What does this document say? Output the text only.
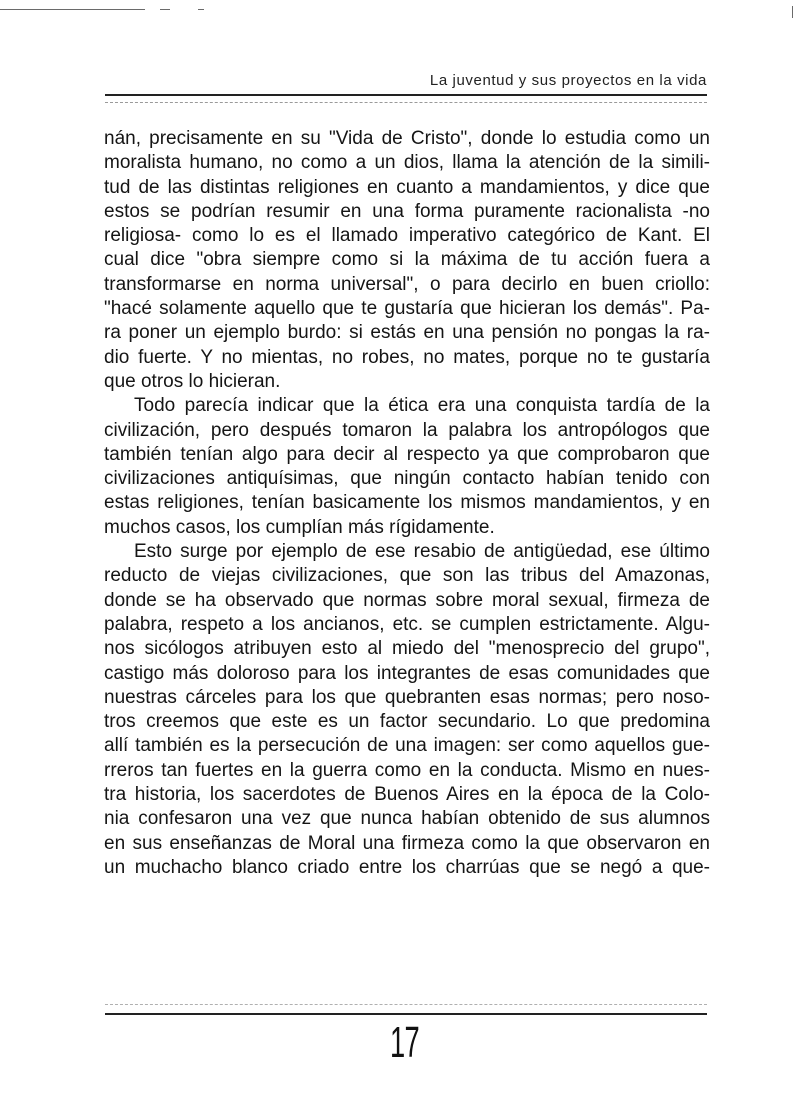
La juventud y sus proyectos en la vida
nán, precisamente en su "Vida de Cristo", donde lo estudia como un
moralista humano, no como a un dios, llama la atención de la simili-
tud de las distintas religiones en cuanto a mandamientos, y dice que
estos se podrían resumir en una forma puramente racionalista -no
religiosa- como lo es el llamado imperativo categórico de Kant. El
cual dice "obra siempre como si la máxima de tu acción fuera a
transformarse en norma universal", o para decirlo en buen criollo:
"hacé solamente aquello que te gustaría que hicieran los demás". Pa-
ra poner un ejemplo burdo: si estás en una pensión no pongas la ra-
dio fuerte. Y no mientas, no robes, no mates, porque no te gustaría
que otros lo hicieran.
Todo parecía indicar que la ética era una conquista tardía de la
civilización, pero después tomaron la palabra los antropólogos que
también tenían algo para decir al respecto ya que comprobaron que
civilizaciones antiquísimas, que ningún contacto habían tenido con
estas religiones, tenían basicamente los mismos mandamientos, y en
muchos casos, los cumplían más rígidamente.
Esto surge por ejemplo de ese resabio de antigüedad, ese último
reducto de viejas civilizaciones, que son las tribus del Amazonas,
donde se ha observado que normas sobre moral sexual, firmeza de
palabra, respeto a los ancianos, etc. se cumplen estrictamente. Algu-
nos sicólogos atribuyen esto al miedo del "menosprecio del grupo",
castigo más doloroso para los integrantes de esas comunidades que
nuestras cárceles para los que quebranten esas normas; pero noso-
tros creemos que este es un factor secundario. Lo que predomina
allí también es la persecución de una imagen: ser como aquellos gue-
rreros tan fuertes en la guerra como en la conducta. Mismo en nues-
tra historia, los sacerdotes de Buenos Aires en la época de la Colo-
nia confesaron una vez que nunca habían obtenido de sus alumnos
en sus enseñanzas de Moral una firmeza como la que observaron en
un muchacho blanco criado entre los charrúas que se negó a que-
17
